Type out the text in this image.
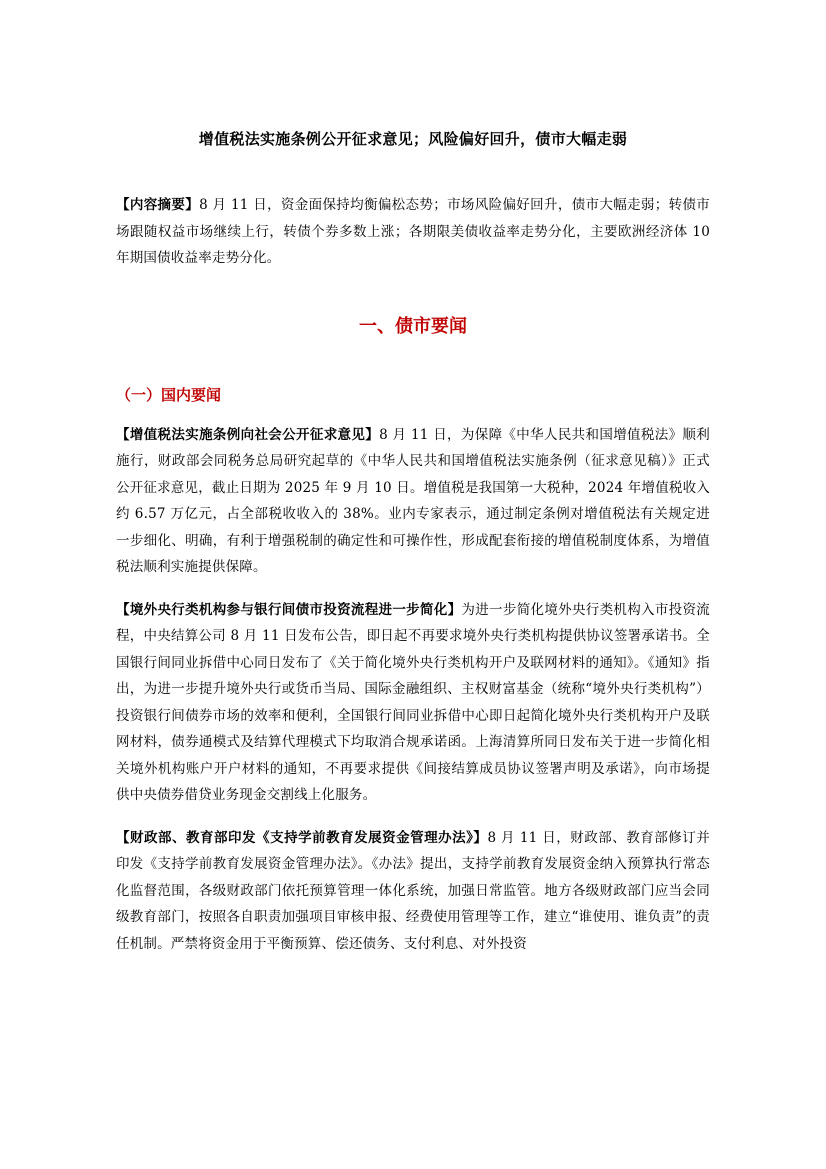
增值税法实施条例公开征求意见；风险偏好回升，债市大幅走弱

【内容摘要】8 月 11 日，资金面保持均衡偏松态势；市场风险偏好回升，债市大幅走弱；转债市场跟随权益市场继续上行，转债个券多数上涨；各期限美债收益率走势分化，主要欧洲经济体 10 年期国债收益率走势分化。

一、债市要闻
（一）国内要闻

【增值税法实施条例向社会公开征求意见】8 月 11 日，为保障《中华人民共和国增值税法》顺利施行，财政部会同税务总局研究起草的《中华人民共和国增值税法实施条例（征求意见稿）》正式公开征求意见，截止日期为 2025 年 9 月 10 日。增值税是我国第一大税种，2024 年增值税收入约 6.57 万亿元，占全部税收收入的 38%。业内专家表示，通过制定条例对增值税法有关规定进一步细化、明确，有利于增强税制的确定性和可操作性，形成配套衔接的增值税制度体系，为增值税法顺利实施提供保障。

【境外央行类机构参与银行间债市投资流程进一步简化】为进一步简化境外央行类机构入市投资流程，中央结算公司 8 月 11 日发布公告，即日起不再要求境外央行类机构提供协议签署承诺书。全国银行间同业拆借中心同日发布了《关于简化境外央行类机构开户及联网材料的通知》。《通知》指出，为进一步提升境外央行或货币当局、国际金融组织、主权财富基金（统称“境外央行类机构”）投资银行间债券市场的效率和便利，全国银行间同业拆借中心即日起简化境外央行类机构开户及联网材料，债券通模式及结算代理模式下均取消合规承诺函。上海清算所同日发布关于进一步简化相关境外机构账户开户材料的通知，不再要求提供《间接结算成员协议签署声明及承诺》，向市场提供中央债券借贷业务现金交割线上化服务。

【财政部、教育部印发《支持学前教育发展资金管理办法》】8 月 11 日，财政部、教育部修订并印发《支持学前教育发展资金管理办法》。《办法》提出，支持学前教育发展资金纳入预算执行常态化监督范围，各级财政部门依托预算管理一体化系统，加强日常监管。地方各级财政部门应当会同级教育部门，按照各自职责加强项目审核申报、经费使用管理等工作，建立“谁使用、谁负责”的责任机制。严禁将资金用于平衡预算、偿还债务、支付利息、对外投资
